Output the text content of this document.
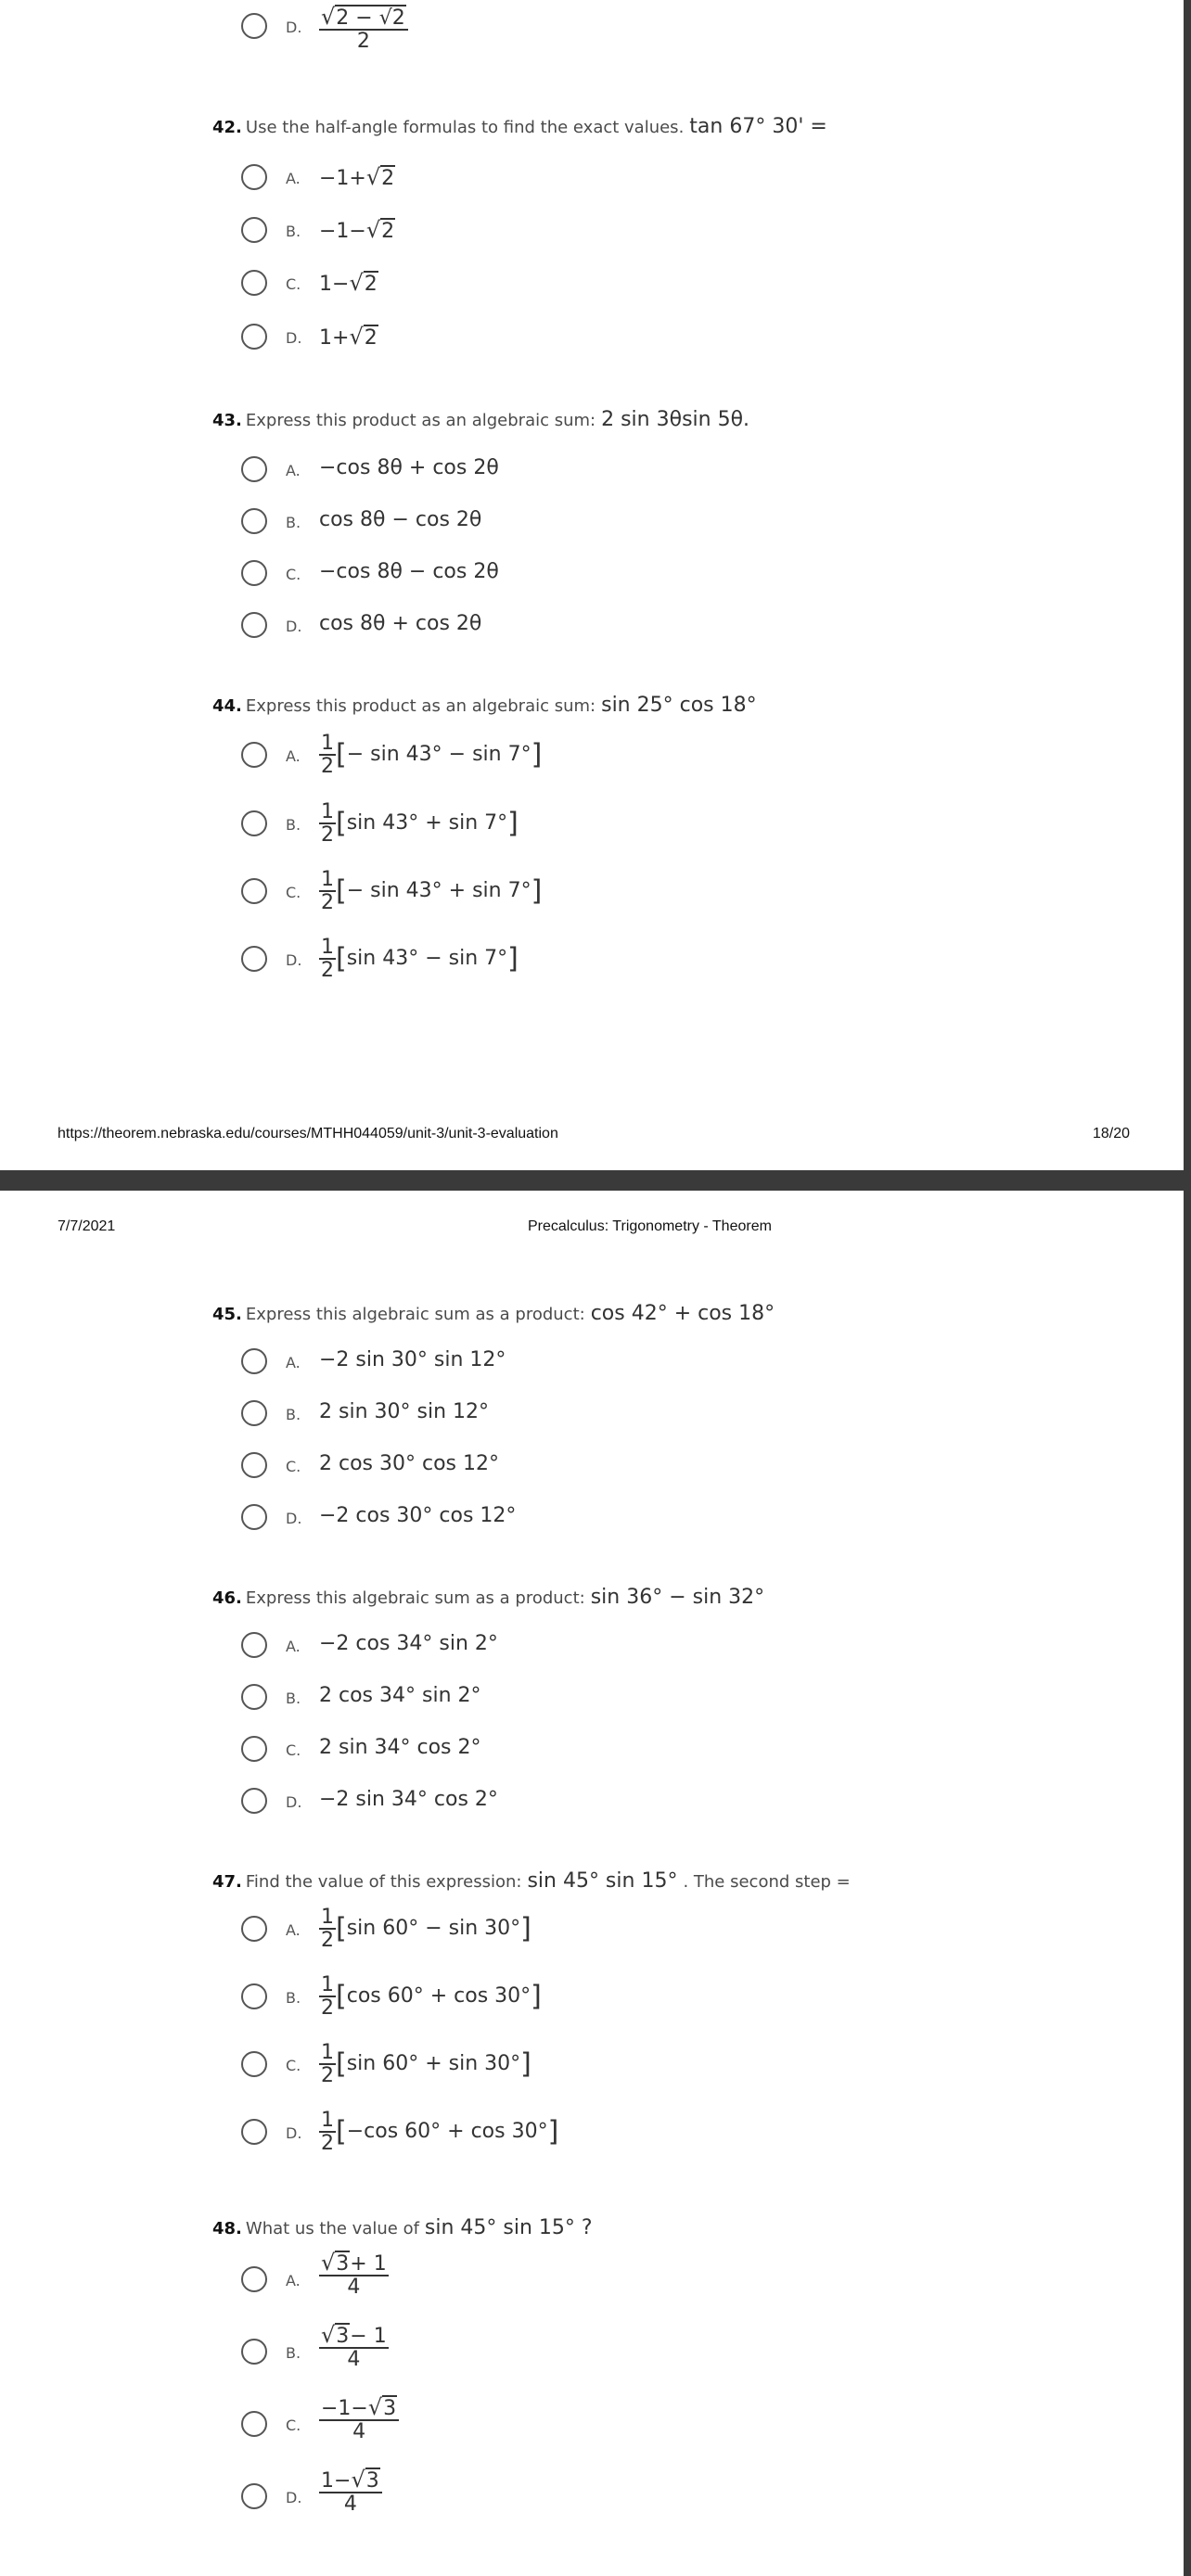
D. $\frac{√2 - √2}{2}$
42. Use the half-angle formulas to find the exact values. tan 67° 30' =
A. −1+√2
B. −1−√2
C. 1−√2
D. 1+√2
43. Express this product as an algebraic sum: 2 sin 3θsin 5θ.
A. −cos 8θ + cos 2θ
B. cos 8θ − cos 2θ
C. −cos 8θ − cos 2θ
D. cos 8θ + cos 2θ
44. Express this product as an algebraic sum: sin 25° cos 18°
A. $\frac{1}{2}$ [− sin 43° − sin 7°]
B. $\frac{1}{2} [\sin$ 43° + sin 7°]
C. $\frac{1}{2}$ [− sin 43° + sin 7°]
D. $\frac{1}{2} [\sin$ 43° − sin 7°]
https://theorem.nebraska.edu/courses/MTHH044059/unit-3/unit-3-evaluation	18/20
7/7/2021	Precalculus: Trigonometry - Theorem
45. Express this algebraic sum as a product: cos 42° + cos 18°
A. −2 sin 30° sin 12°
B. 2 sin 30° sin 12°
C. 2 cos 30° cos 12°
D. −2 cos 30° cos 12°
46. Express this algebraic sum as a product: sin 36° − sin 32°
A. −2 cos 34° sin 2°
B. 2 cos 34° sin 2°
C. 2 sin 34° cos 2°
D. −2 sin 34° cos 2°
47. Find the value of this expression: sin 45° sin 15° . The second step =
A. $\frac{1}{2} [\sin$ 60° − sin 30°]
B. $\frac{1}{2} [\cos$ 60° + cos 30°]
C. $\frac{1}{2} [\sin$ 60° + sin 30°]
D. $\frac{1}{2} [-\cos$ 60° + cos 30°]
48. What us the value of sin 45° sin 15° ?
A. $\frac{√3+ 1}{4}$
B. $\frac{√3- 1}{4}$
C. $\frac{-1-√3}{4}$
D. $\frac{1-√3}{4}$
